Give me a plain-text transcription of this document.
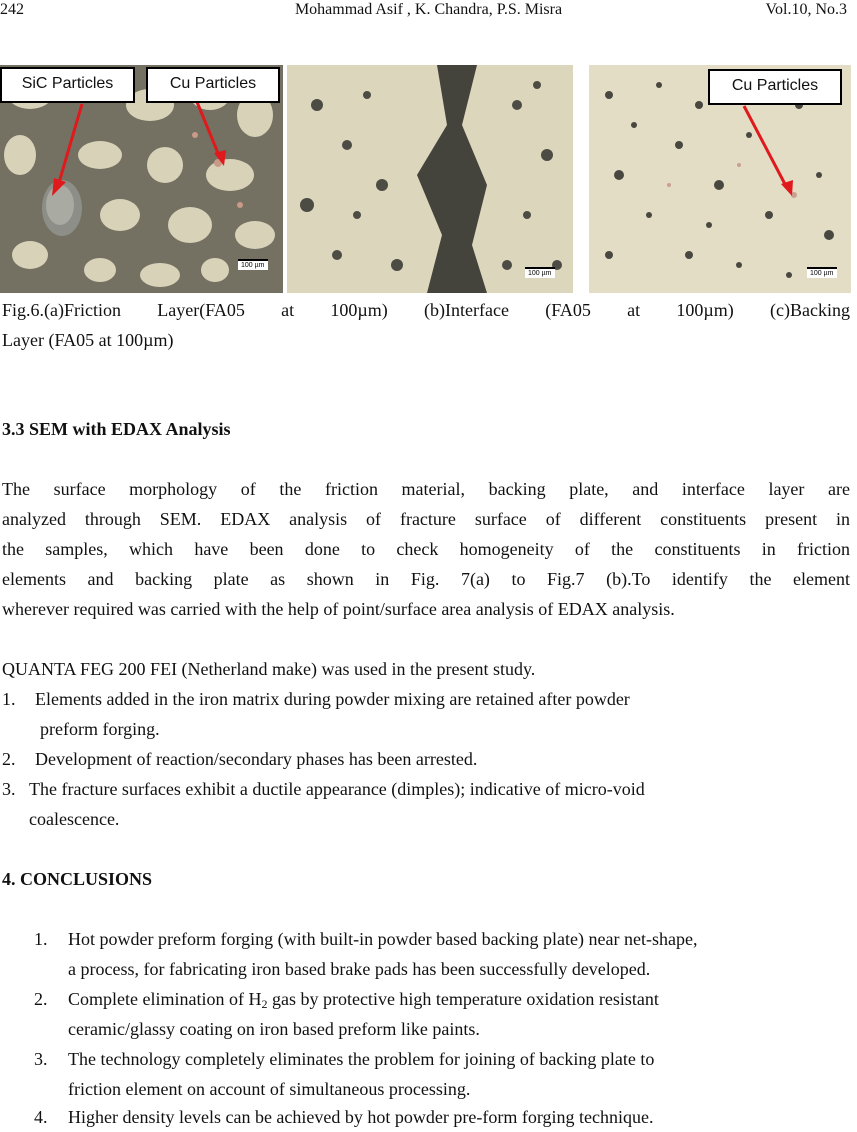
242	Mohammad Asif , K. Chandra, P.S. Misra	Vol.10, No.3
100 µm
100 µm	100 µm
SiC Particles	Cu Particles	Cu Particles
Fig.6.(a)Friction Layer(FA05 at 100µm) (b)Interface (FA05 at 100µm) (c)Backing
Layer (FA05 at 100µm)
3.3 SEM with EDAX Analysis
The surface morphology of the friction material, backing plate, and interface layer are
analyzed through SEM. EDAX analysis of fracture surface of different constituents present in
the samples, which have been done to check homogeneity of the constituents in friction
elements and backing plate as shown in Fig. 7(a) to Fig.7 (b).To identify the element
wherever required was carried with the help of point/surface area analysis of EDAX analysis.
QUANTA FEG 200 FEI (Netherland make) was used in the present study.
1. Elements added in the iron matrix during powder mixing are retained after powder
preform forging.
2. Development of reaction/secondary phases has been arrested.
3. The fracture surfaces exhibit a ductile appearance (dimples); indicative of micro-void
coalescence.
4. CONCLUSIONS
1. Hot powder preform forging (with built-in powder based backing plate) near net-shape,
a process, for fabricating iron based brake pads has been successfully developed.
2. Complete elimination of $H_2$ gas by protective high temperature oxidation resistant
ceramic/glassy coating on iron based preform like paints.
3. The technology completely eliminates the problem for joining of backing plate to
friction element on account of simultaneous processing.
4. Higher density levels can be achieved by hot powder pre-form forging technique.
